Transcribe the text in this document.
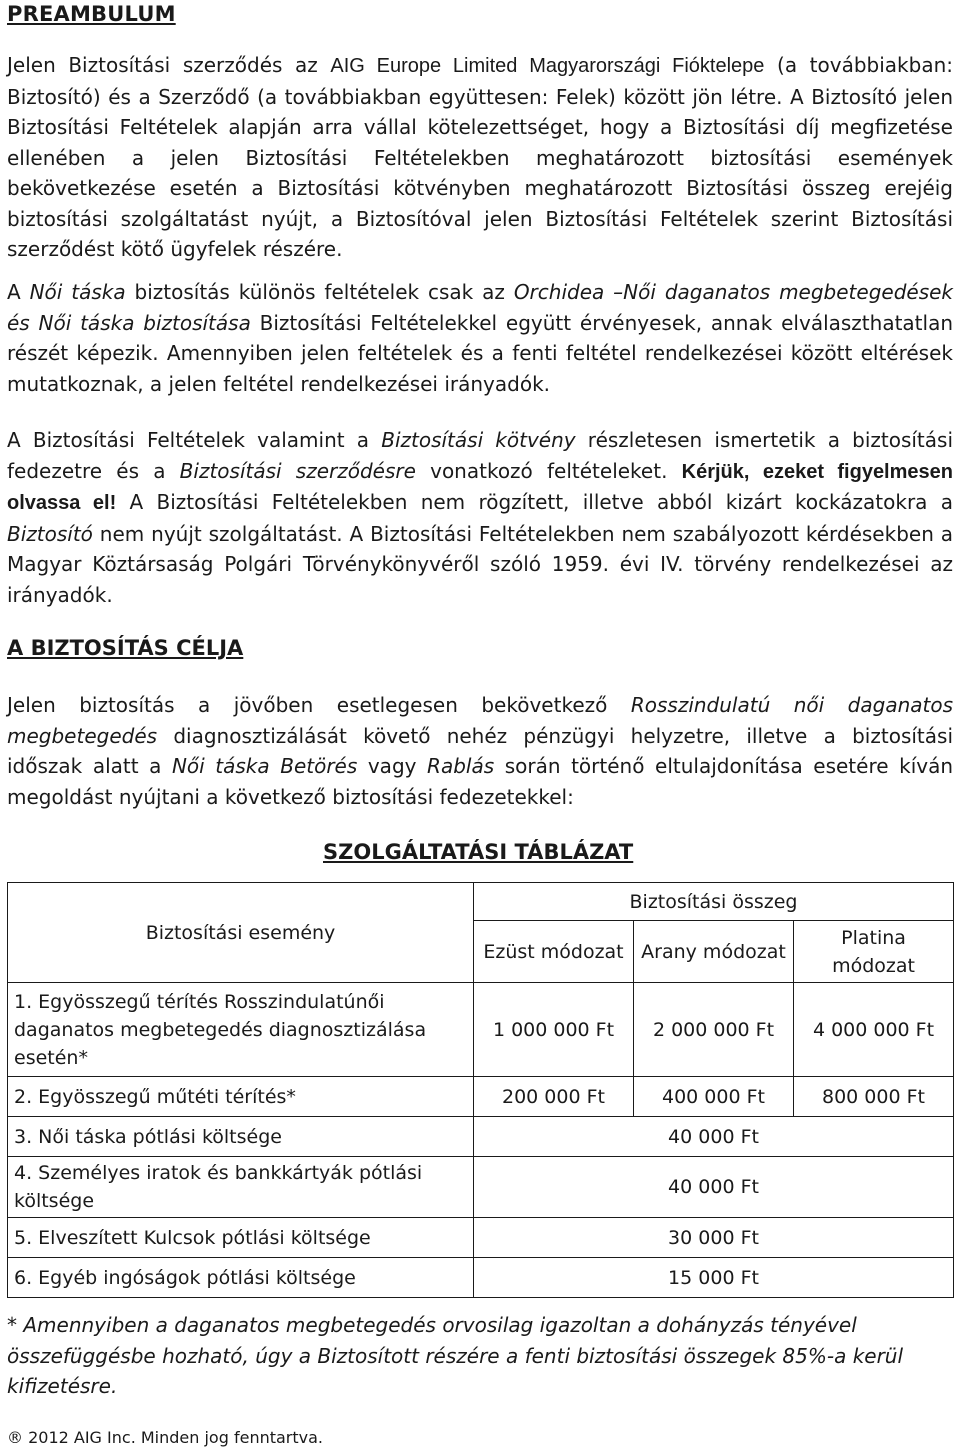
PREAMBULUM

Jelen Biztosítási szerződés az AIG Europe Limited Magyarországi Fióktelepe (a továbbiakban: Biztosító) és a Szerződő (a továbbiakban együttesen: Felek) között jön létre. A Biztosító jelen Biztosítási Feltételek alapján arra vállal kötelezettséget, hogy a Biztosítási díj megfizetése ellenében a jelen Biztosítási Feltételekben meghatározott biztosítási események bekövetkezése esetén a Biztosítási kötvényben meghatározott Biztosítási összeg erejéig biztosítási szolgáltatást nyújt, a Biztosítóval jelen Biztosítási Feltételek szerint Biztosítási szerződést kötő ügyfelek részére.

A Női táska biztosítás különös feltételek csak az Orchidea –Női daganatos megbetegedések és Női táska biztosítása Biztosítási Feltételekkel együtt érvényesek, annak elválaszthatatlan részét képezik. Amennyiben jelen feltételek és a fenti feltétel rendelkezései között eltérések mutatkoznak, a jelen feltétel rendelkezései irányadók.

A Biztosítási Feltételek valamint a Biztosítási kötvény részletesen ismertetik a biztosítási fedezetre és a Biztosítási szerződésre vonatkozó feltételeket. Kérjük, ezeket figyelmesen olvassa el! A Biztosítási Feltételekben nem rögzített, illetve abból kizárt kockázatokra a Biztosító nem nyújt szolgáltatást. A Biztosítási Feltételekben nem szabályozott kérdésekben a Magyar Köztársaság Polgári Törvénykönyvéről szóló 1959. évi IV. törvény rendelkezései az irányadók.

A BIZTOSÍTÁS CÉLJA

Jelen biztosítás a jövőben esetlegesen bekövetkező Rosszindulatú női daganatos megbetegedés diagnosztizálását követő nehéz pénzügyi helyzetre, illetve a biztosítási időszak alatt a Női táska Betörés vagy Rablás során történő eltulajdonítása esetére kíván megoldást nyújtani a következő biztosítási fedezetekkel:

SZOLGÁLTATÁSI TÁBLÁZAT
Biztosítási esemény	Biztosítási összeg		
	Ezüst módozat	Arany módozat	Platina módozat
1. Egyösszegű térítés Rosszindulatúnői daganatos megbetegedés diagnosztizálása esetén*	1 000 000 Ft	2 000 000 Ft	4 000 000 Ft
2. Egyösszegű műtéti térítés*	200 000 Ft	400 000 Ft	800 000 Ft
3. Női táska pótlási költsége	40 000 Ft		
4. Személyes iratok és bankkártyák pótlási költsége	40 000 Ft		
5. Elveszített Kulcsok pótlási költsége	30 000 Ft		
6. Egyéb ingóságok pótlási költsége	15 000 Ft		
* Amennyiben a daganatos megbetegedés orvosilag igazoltan a dohányzás tényével összefüggésbe hozható, úgy a Biztosított részére a fenti biztosítási összegek 85%-a kerül kifizetésre.
® 2012 AIG Inc. Minden jog fenntartva.
